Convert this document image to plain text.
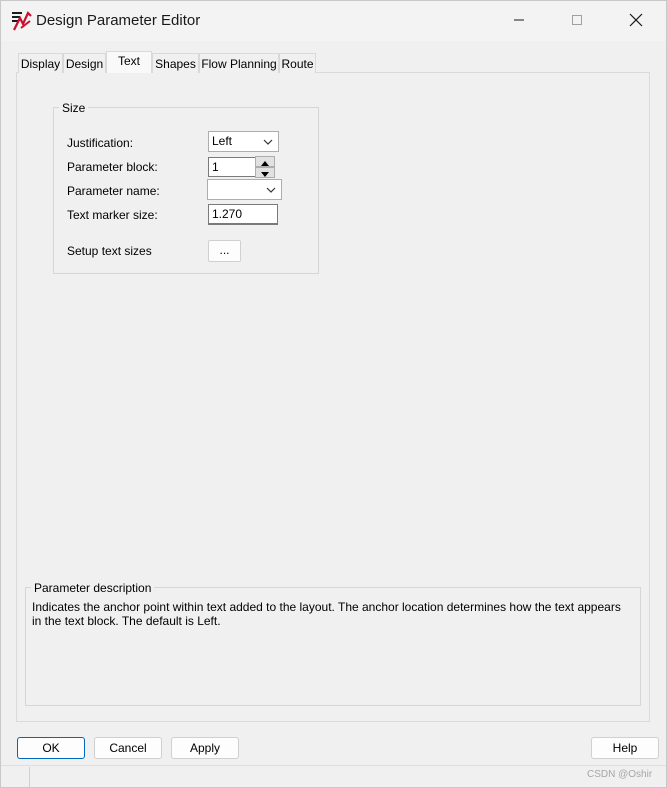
Design Parameter Editor
Display Design	Text	Shapes Flow Planning Route
Size
Justification:	Left
Parameter block:	1
Parameter name:
Text marker size:	1.270
Setup text sizes	...
Parameter description
Indicates the anchor point within text added to the layout. The anchor location determines how the text appears in the text block. The default is Left.
OK	Cancel	Apply	Help
CSDN @Oshir
